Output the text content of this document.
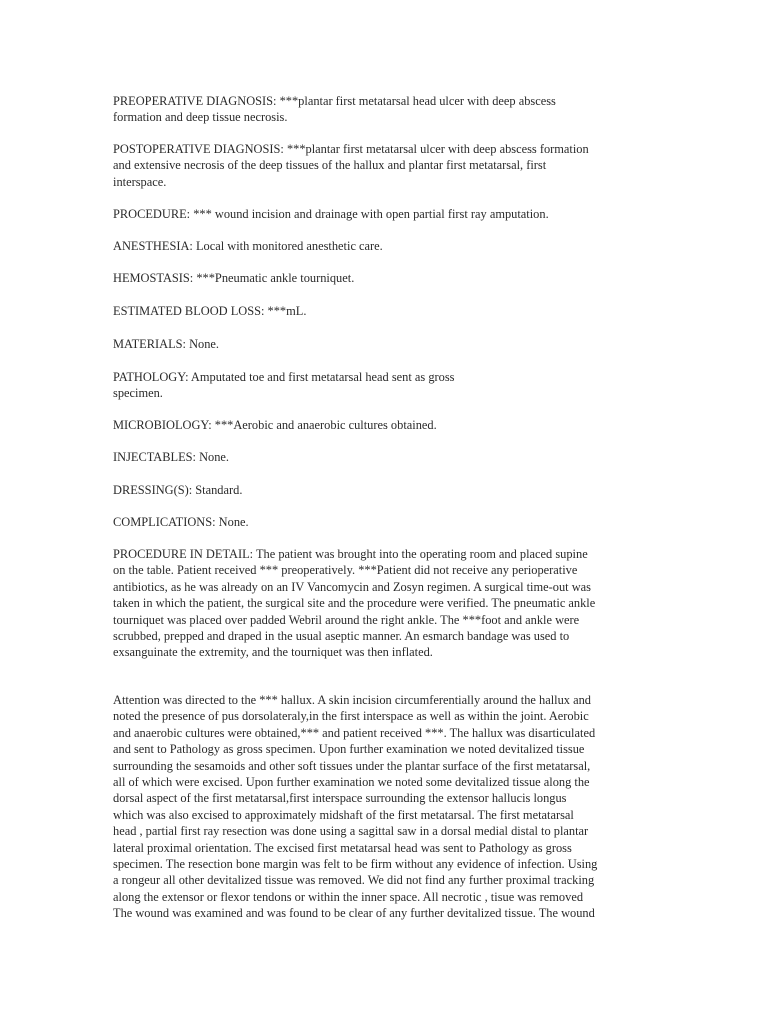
PREOPERATIVE DIAGNOSIS: ***plantar first metatarsal head ulcer with deep abscess
formation and deep tissue necrosis.

POSTOPERATIVE DIAGNOSIS: ***plantar first metatarsal ulcer with deep abscess formation
and extensive necrosis of the deep tissues of the hallux and plantar first metatarsal, first
interspace.

PROCEDURE: *** wound incision and drainage with open partial first ray amputation.

ANESTHESIA: Local with monitored anesthetic care.

HEMOSTASIS: ***Pneumatic ankle tourniquet.

ESTIMATED BLOOD LOSS: ***mL.

MATERIALS: None.

PATHOLOGY: Amputated toe and first metatarsal head sent as gross
specimen.

MICROBIOLOGY: ***Aerobic and anaerobic cultures obtained.

INJECTABLES: None.

DRESSING(S): Standard.

COMPLICATIONS: None.

PROCEDURE IN DETAIL: The patient was brought into the operating room and placed supine
on the table. Patient received *** preoperatively. ***Patient did not receive any perioperative
antibiotics, as he was already on an IV Vancomycin and Zosyn regimen. A surgical time-out was
taken in which the patient, the surgical site and the procedure were verified. The pneumatic ankle
tourniquet was placed over padded Webril around the right ankle. The ***foot and ankle were
scrubbed, prepped and draped in the usual aseptic manner. An esmarch bandage was used to
exsanguinate the extremity, and the tourniquet was then inflated.

Attention was directed to the *** hallux. A skin incision circumferentially around the hallux and
noted the presence of pus dorsolateraly,in the first interspace as well as within the joint. Aerobic
and anaerobic cultures were obtained,*** and patient received ***. The hallux was disarticulated
and sent to Pathology as gross specimen. Upon further examination we noted devitalized tissue
surrounding the sesamoids and other soft tissues under the plantar surface of the first metatarsal,
all of which were excised. Upon further examination we noted some devitalized tissue along the
dorsal aspect of the first metatarsal,first interspace surrounding the extensor hallucis longus
which was also excised to approximately midshaft of the first metatarsal. The first metatarsal
head , partial first ray resection was done using a sagittal saw in a dorsal medial distal to plantar
lateral proximal orientation. The excised first metatarsal head was sent to Pathology as gross
specimen. The resection bone margin was felt to be firm without any evidence of infection. Using
a rongeur all other devitalized tissue was removed. We did not find any further proximal tracking
along the extensor or flexor tendons or within the inner space. All necrotic , tisue was removed
The wound was examined and was found to be clear of any further devitalized tissue. The wound
